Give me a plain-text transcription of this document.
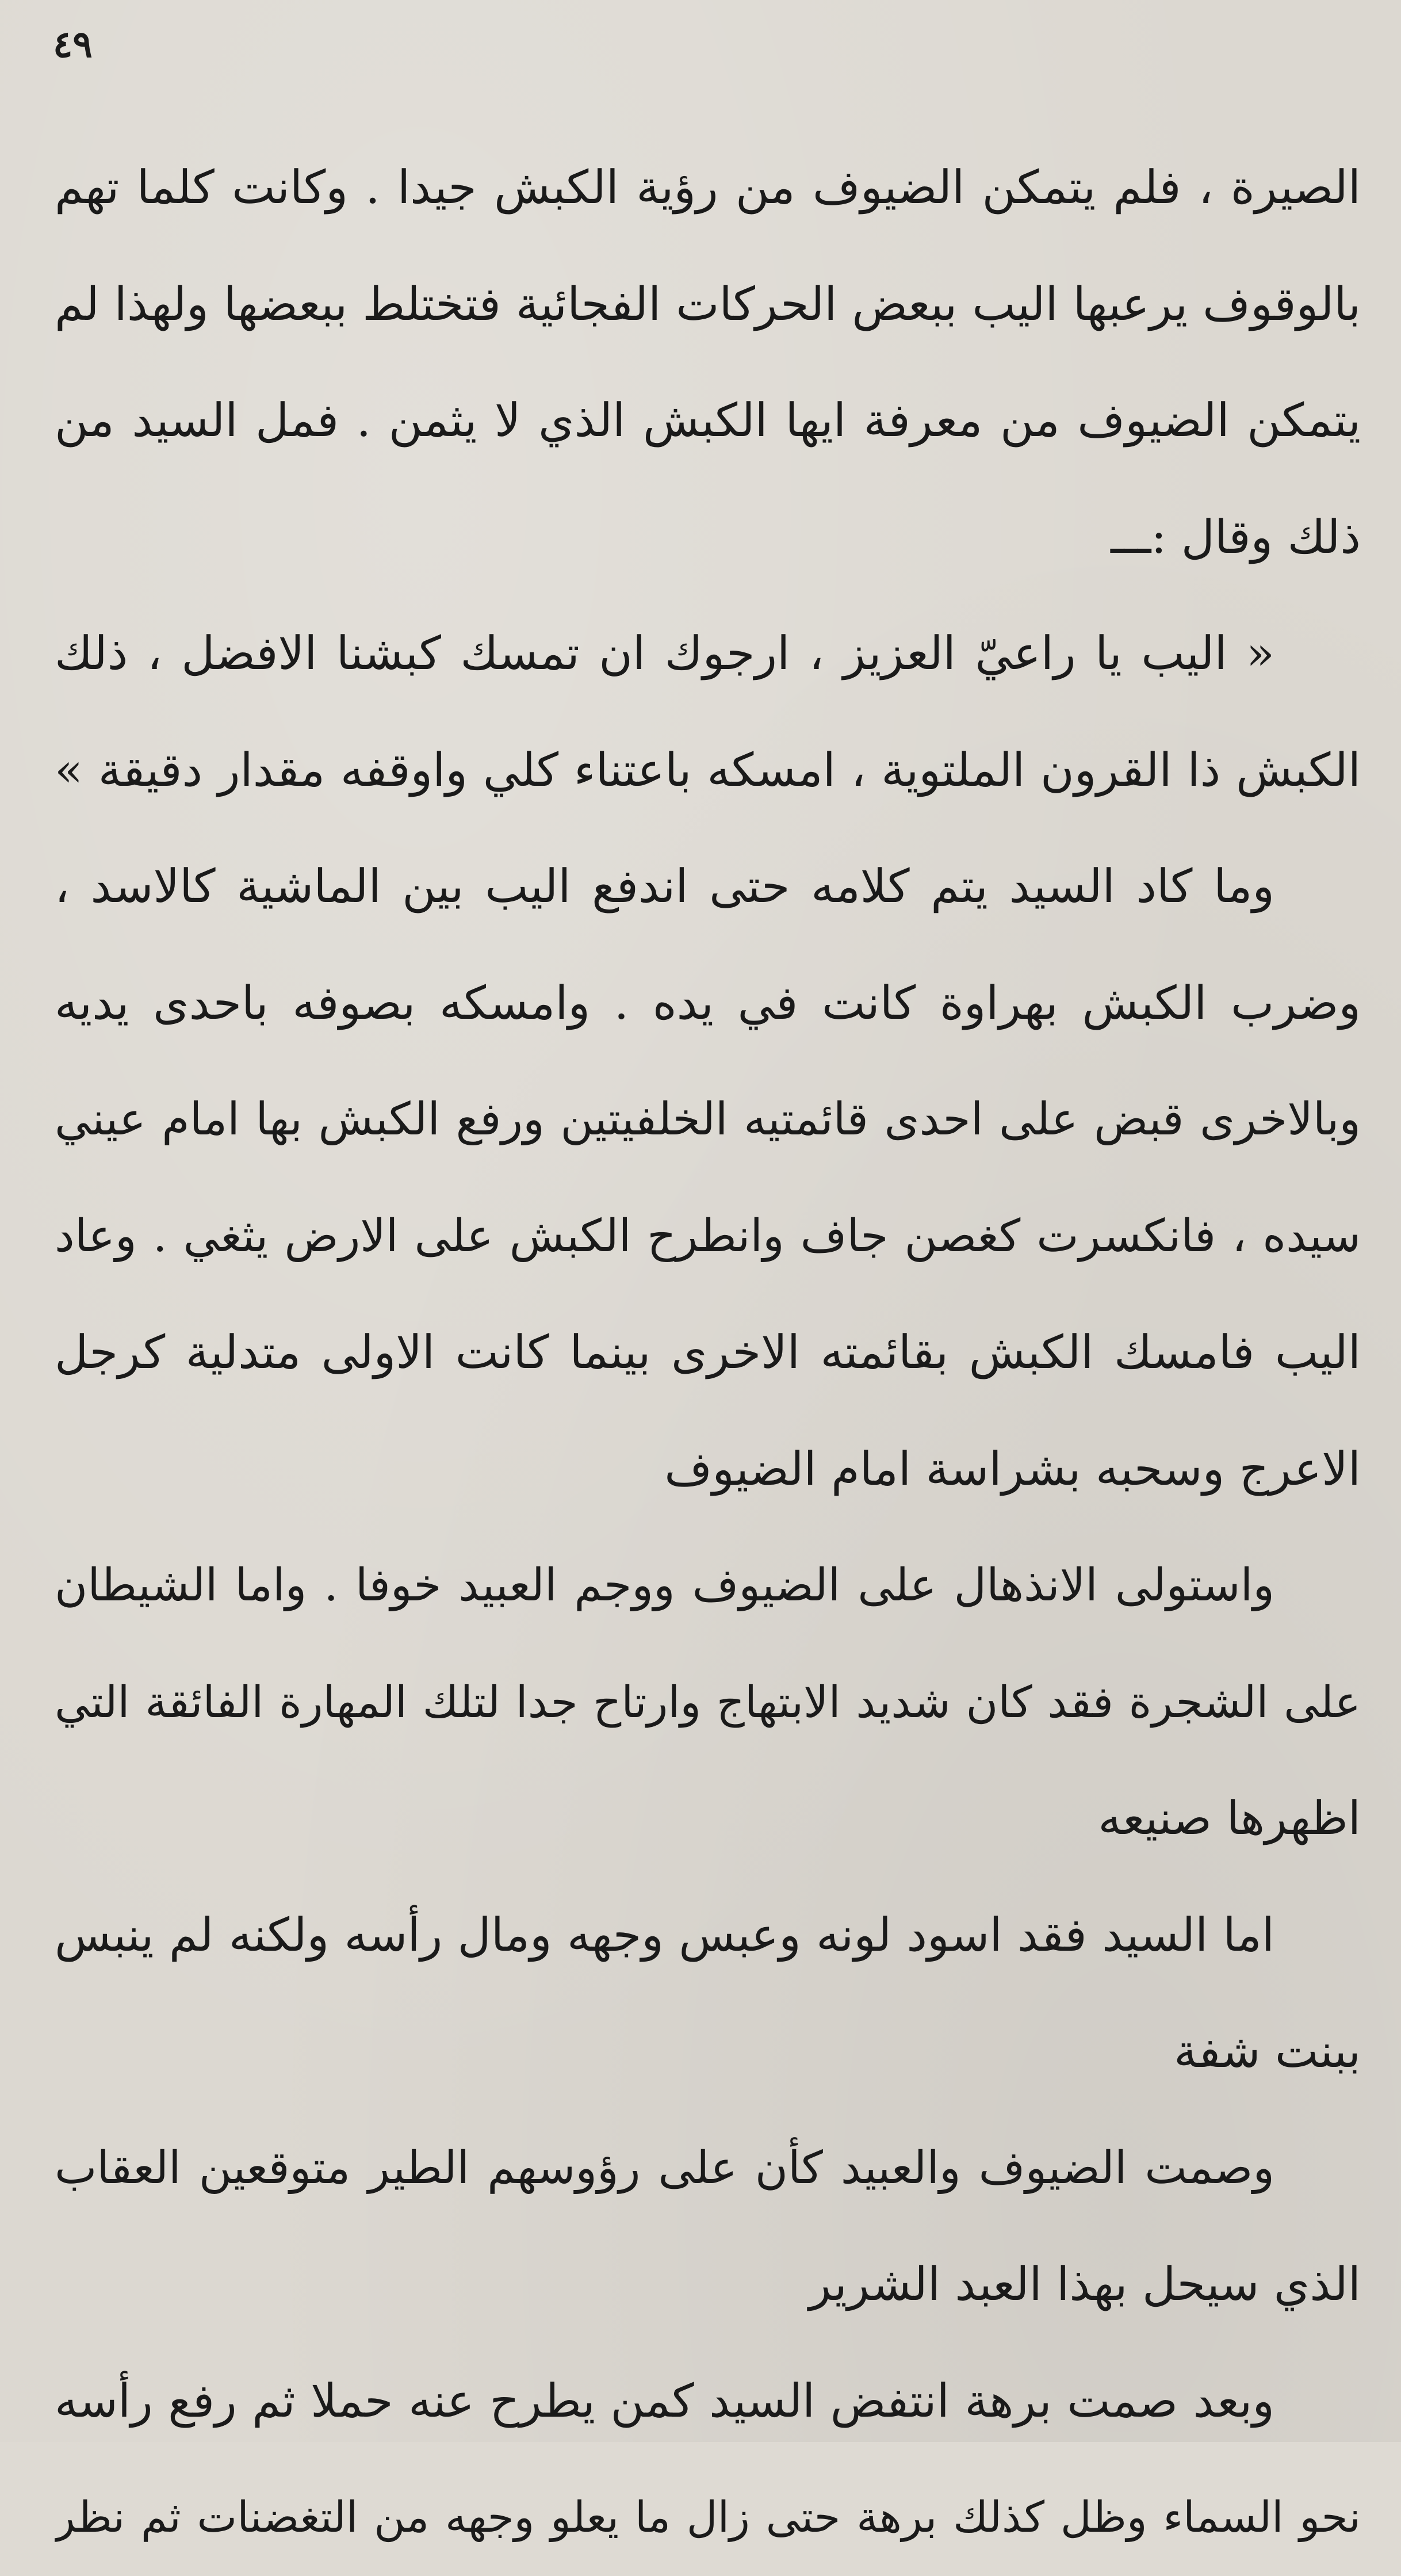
٤٩
الصيرة ، فلم يتمكن الضيوف من رؤية الكبش جيدا . وكانت كلما تهم
بالوقوف يرعبها اليب ببعض الحركات الفجائية فتختلط ببعضها ولهذا لم
يتمكن الضيوف من معرفة ايها الكبش الذي لا يثمن . فمل السيد من
ذلك وقال :ـــ
« اليب يا راعيّ العزيز ، ارجوك ان تمسك كبشنا الافضل ، ذلك
الكبش ذا القرون الملتوية ، امسكه باعتناء كلي واوقفه مقدار دقيقة »
وما كاد السيد يتم كلامه حتى اندفع اليب بين الماشية كالاسد ،
وضرب الكبش بهراوة كانت في يده . وامسكه بصوفه باحدى يديه
وبالاخرى قبض على احدى قائمتيه الخلفيتين ورفع الكبش بها امام عيني
سيده ، فانكسرت كغصن جاف وانطرح الكبش على الارض يثغي . وعاد
اليب فامسك الكبش بقائمته الاخرى بينما كانت الاولى متدلية كرجل
الاعرج وسحبه بشراسة امام الضيوف
واستولى الانذهال على الضيوف ووجم العبيد خوفا . واما الشيطان
على الشجرة فقد كان شديد الابتهاج وارتاح جدا لتلك المهارة الفائقة التي
اظهرها صنيعه
اما السيد فقد اسود لونه وعبس وجهه ومال رأسه ولكنه لم ينبس
ببنت شفة
وصمت الضيوف والعبيد كأن على رؤوسهم الطير متوقعين العقاب
الذي سيحل بهذا العبد الشرير
وبعد صمت برهة انتفض السيد كمن يطرح عنه حملا ثم رفع رأسه
نحو السماء وظل كذلك برهة حتى زال ما يعلو وجهه من التغضنات ثم نظر
